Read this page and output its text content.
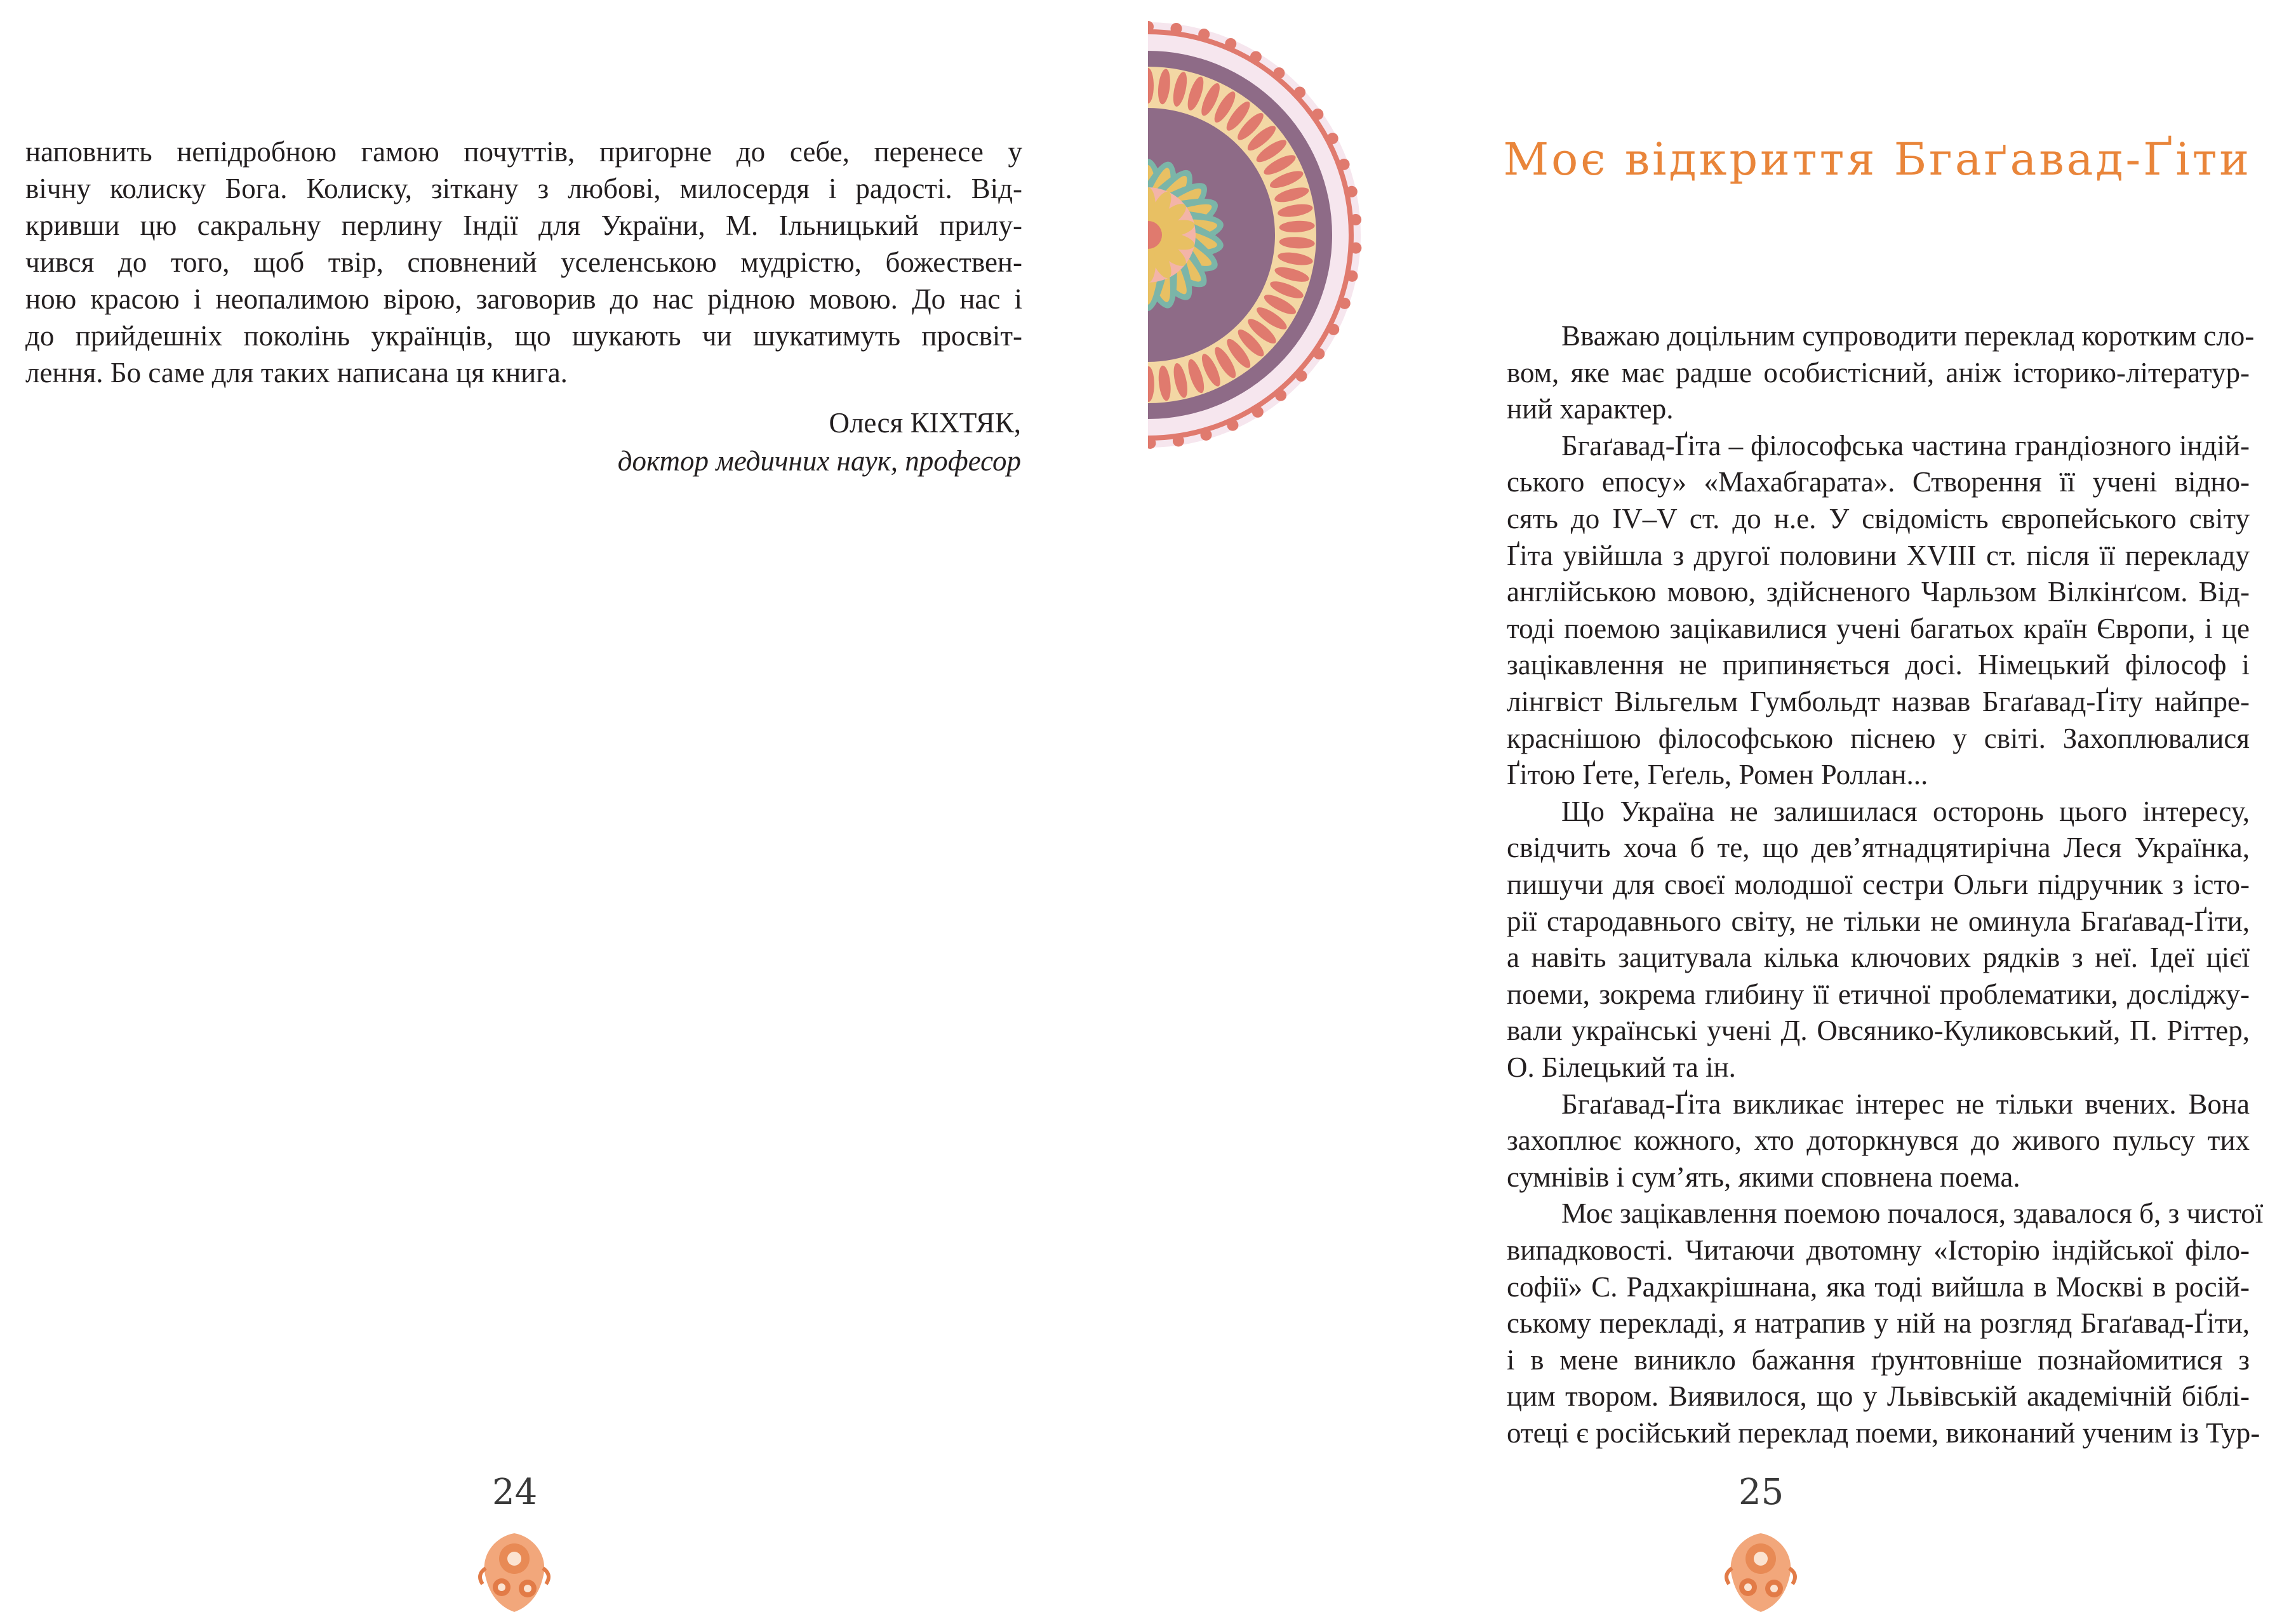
наповнить непідробною гамою почуттів, пригорне до себе, перенесе у
вічну колиску Бога. Колиску, зіткану з любові, милосердя і радості. Від-
кривши цю сакральну перлину Індії для України, М. Ільницький прилу-
чився до того, щоб твір, сповнений уселенською мудрістю, божествен-
ною красою і неопалимою вірою, заговорив до нас рідною мовою. До нас і
до прийдешніх поколінь українців, що шукають чи шукатимуть просвіт-
лення. Бо саме для таких написана ця книга.
Олеся КІХТЯК,
доктор медичних наук, професор
24
Моє відкриття Бгаґавад-Ґіти
Вважаю доцільним супроводити переклад коротким сло-
вом, яке має радше особистісний, аніж історико-літератур-
ний характер.
Бгаґавад-Ґіта – філософська частина грандіозного індій-
ського епосу» «Махабгарата». Створення її учені відно-
сять до IV–V ст. до н.е. У свідомість європейського світу
Ґіта увійшла з другої половини XVIII ст. після її перекладу
англійською мовою, здійсненого Чарльзом Вілкінґсом. Від-
тоді поемою зацікавилися учені багатьох країн Європи, і це
зацікавлення не припиняється досі. Німецький філософ і
лінгвіст Вільгельм Гумбольдт назвав Бгаґавад-Ґіту найпре-
краснішою філософською піснею у світі. Захоплювалися
Ґітою Ґете, Геґель, Ромен Роллан...
Що Україна не залишилася осторонь цього інтересу,
свідчить хоча б те, що дев’ятнадцятирічна Леся Українка,
пишучи для своєї молодшої сестри Ольги підручник з істо-
рії стародавнього світу, не тільки не оминула Бгаґавад-Ґіти,
а навіть зацитувала кілька ключових рядків з неї. Ідеї цієї
поеми, зокрема глибину її етичної проблематики, досліджу-
вали українські учені Д. Овсянико-Куликовський, П. Ріттер,
О. Білецький та ін.
Бгаґавад-Ґіта викликає інтерес не тільки вчених. Вона
захоплює кожного, хто доторкнувся до живого пульсу тих
сумнівів і сум’ять, якими сповнена поема.
Моє зацікавлення поемою почалося, здавалося б, з чистої
випадковості. Читаючи двотомну «Історію індійської філо-
софії» С. Радхакрішнана, яка тоді вийшла в Москві в росій-
ському перекладі, я натрапив у ній на розгляд Бгаґавад-Ґіти,
і в мене виникло бажання ґрунтовніше познайомитися з
цим твором. Виявилося, що у Львівській академічній біблі-
отеці є російський переклад поеми, виконаний ученим із Тур-
25
